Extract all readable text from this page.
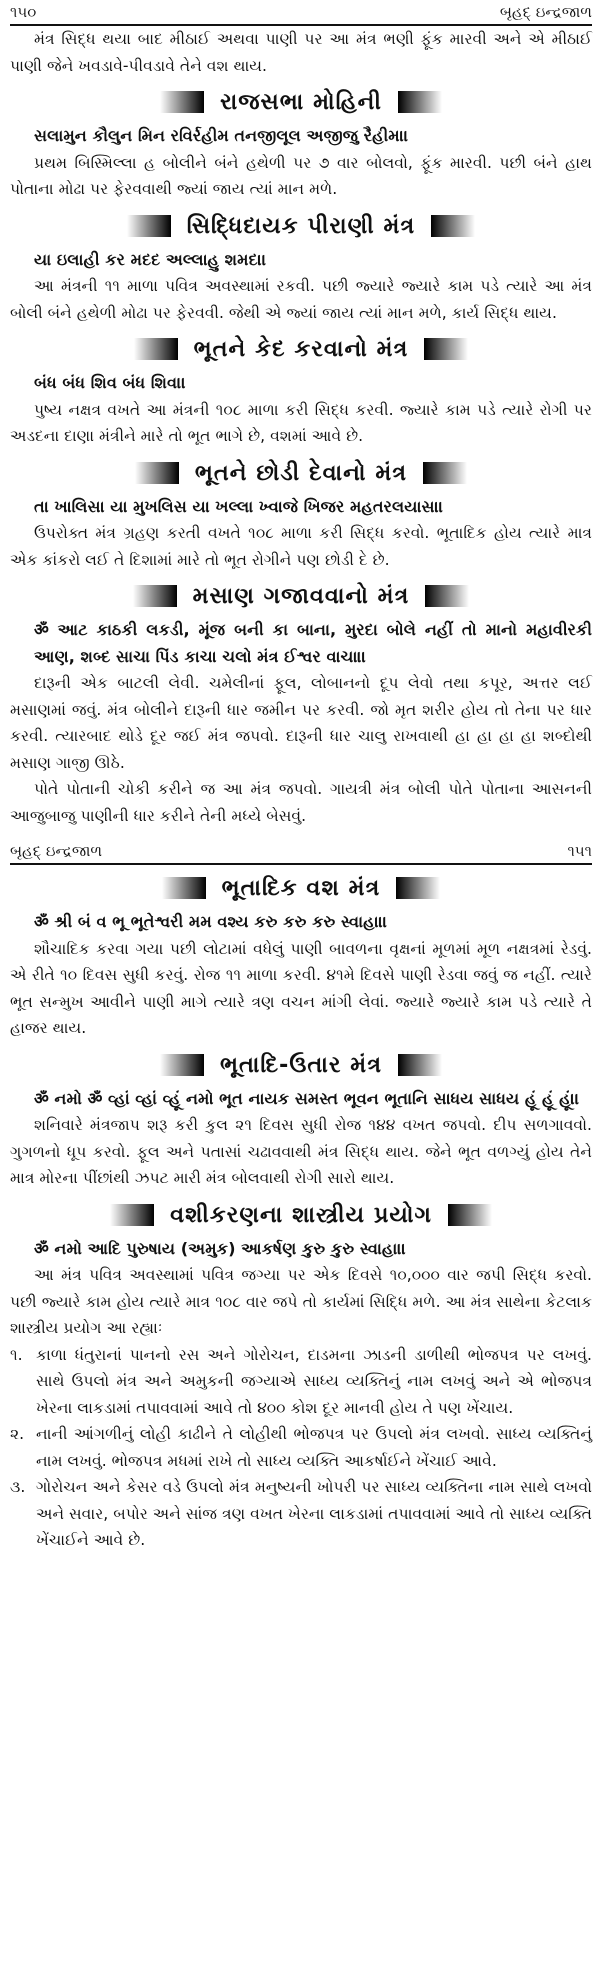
૧૫૦	બૃહદ્ ઇન્દ્રજાળ

મંત્ર સિદ્ધ થયા બાદ મીઠાઈ અથવા પાણી પર આ મંત્ર ભણી ફૂંક મારવી અને એ મીઠાઈ પાણી જેને ખવડાવે-પીવડાવે તેને વશ થાય.

રાજસભા મોહિની

સલામુન કૌલુન મિન રવિર્રહીમ તનજીલૂલ અજીજુ રૈહીમ।।

પ્રથમ બિસ્મિલ્લા હ બોલીને બંને હથેળી પર ૭ વાર બોલવો, ફૂંક મારવી. પછી બંને હાથ પોતાના મોઢા પર ફેરવવાથી જ્યાં જાય ત્યાં માન મળે.

સિદ્ધિદાયક પીરાણી મંત્ર

યા ઇલાહી કર મદદ અલ્લાહુ શમદ।।

આ મંત્રની ૧૧ માળા પવિત્ર અવસ્થામાં રકવી. પછી જ્યારે જ્યારે કામ પડે ત્યારે આ મંત્ર બોલી બંને હથેળી મોઢા પર ફેરવવી. જેથી એ જ્યાં જાય ત્યાં માન મળે, કાર્ય સિદ્ધ થાય.

ભૂતને કેદ કરવાનો મંત્ર

બંધ બંધ શિવ બંધ શિવ।।

પુષ્ય નક્ષત્ર વખતે આ મંત્રની ૧૦૮ માળા કરી સિદ્ધ કરવી. જ્યારે કામ પડે ત્યારે રોગી પર અડદના દાણા મંત્રીને મારે તો ભૂત ભાગે છે, વશમાં આવે છે.

ભૂતને છોડી દેવાનો મંત્ર

તા ખાલિસા યા મુખલિસ યા ખલ્લા ખ્વાજે ખિજર મહતરલયાસ।।

ઉપરોક્ત મંત્ર ગ્રહણ કરતી વખતે ૧૦૮ માળા કરી સિદ્ધ કરવો. ભૂતાદિક હોય ત્યારે માત્ર એક કાંકરો લઈ તે દિશામાં મારે તો ભૂત રોગીને પણ છોડી દે છે.

મસાણ ગજાવવાનો મંત્ર

ॐ આટ કાઠકી લકડી, મૂંજ બની કા બાના, મુરદા બોલે નહીં તો માનો મહાવીરકી આણ, શબ્દ સાચા પિંડ કાચા ચલો મંત્ર ઈશ્વર વાચા।।

દારૂની એક બાટલી લેવી. ચમેલીનાં ફૂલ, લોબાનનો દૂપ લેવો તથા કપૂર, અત્તર લઈ મસાણમાં જવું. મંત્ર બોલીને દારૂની ધાર જમીન પર કરવી. જો મૃત શરીર હોય તો તેના પર ધાર કરવી. ત્યારબાદ થોડે દૂર જઈ મંત્ર જપવો. દારૂની ધાર ચાલુ રાખવાથી હા હા હા હા શબ્દોથી મસાણ ગાજી ઊઠે.

પોતે પોતાની ચોકી કરીને જ આ મંત્ર જપવો. ગાયત્રી મંત્ર બોલી પોતે પોતાના આસનની આજુબાજુ પાણીની ધાર કરીને તેની મધ્યે બેસવું.

બૃહદ્ ઇન્દ્રજાળ	૧૫૧
ભૂતાદિક વશ મંત્ર

ॐ શ્રી બં વ ભૂ ભૂતેશ્વરી મમ વશ્ય કરુ કરુ કરુ સ્વાહા।।

શૌચાદિક કરવા ગયા પછી લોટામાં વધેલું પાણી બાવળના વૃક્ષનાં મૂળમાં મૂળ નક્ષત્રમાં રેડવું. એ રીતે ૧૦ દિવસ સુધી કરવું. રોજ ૧૧ માળા કરવી. ૪૧મે દિવસે પાણી રેડવા જવું જ નહીં. ત્યારે ભૂત સન્મુખ આવીને પાણી માગે ત્યારે ત્રણ વચન માંગી લેવાં. જ્યારે જ્યારે કામ પડે ત્યારે તે હાજર થાય.

ભૂતાદિ-ઉતાર મંત્ર

ॐ નમો ॐ વ્હાં વ્હાં વ્હૂં નમો ભૂત નાયક સમસ્ત ભૂવન ભૂતાનિ સાધય સાધય હૂં હૂં હૂં।।

શનિવારે મંત્રજાપ શરૂ કરી કુલ ૨૧ દિવસ સુધી રોજ ૧૪૪ વખત જપવો. દીપ સળગાવવો. ગુગળનો ધૂપ કરવો. ફૂલ અને પતાસાં ચઢાવવાથી મંત્ર સિદ્ધ થાય. જેને ભૂત વળગ્યું હોય તેને માત્ર મોરના પીંછાંથી ઝપટ મારી મંત્ર બોલવાથી રોગી સારો થાય.

વશીકરણના શાસ્ત્રીય પ્રયોગ

ॐ નમો આદિ પુરુષાય (અમુક) આકર્ષણ કુરુ કુરુ સ્વાહા।।

આ મંત્ર પવિત્ર અવસ્થામાં પવિત્ર જગ્યા પર એક દિવસે ૧૦,૦૦૦ વાર જપી સિદ્ધ કરવો. પછી જ્યારે કામ હોય ત્યારે માત્ર ૧૦૮ વાર જપે તો કાર્યમાં સિદ્ધિ મળે. આ મંત્ર સાથેના કેટલાક શાસ્ત્રીય પ્રયોગ આ રહ્યાઃ

૧. કાળા ધંતુરાનાં પાનનો રસ અને ગોરોચન, દાડમના ઝાડની ડાળીથી ભોજપત્ર પર લખવું. સાથે ઉપલો મંત્ર અને અમુકની જગ્યાએ સાધ્ય વ્યક્તિનું નામ લખવું અને એ ભોજપત્ર ખેરના લાકડામાં તપાવવામાં આવે તો ૪૦૦ કોશ દૂર માનવી હોય તે પણ ખેંચાય.
૨. નાની આંગળીનું લોહી કાઢીને તે લોહીથી ભોજપત્ર પર ઉપલો મંત્ર લખવો. સાધ્ય વ્યક્તિનું નામ લખવું. ભોજપત્ર મધમાં રાખે તો સાધ્ય વ્યક્તિ આકર્ષાઈને ખેંચાઈ આવે.
૩. ગોરોચન અને કેસર વડે ઉપલો મંત્ર મનુષ્યની ખોપરી પર સાધ્ય વ્યક્તિના નામ સાથે લખવો અને સવાર, બપોર અને સાંજ ત્રણ વખત ખેરના લાકડામાં તપાવવામાં આવે તો સાધ્ય વ્યક્તિ ખેંચાઈને આવે છે.
